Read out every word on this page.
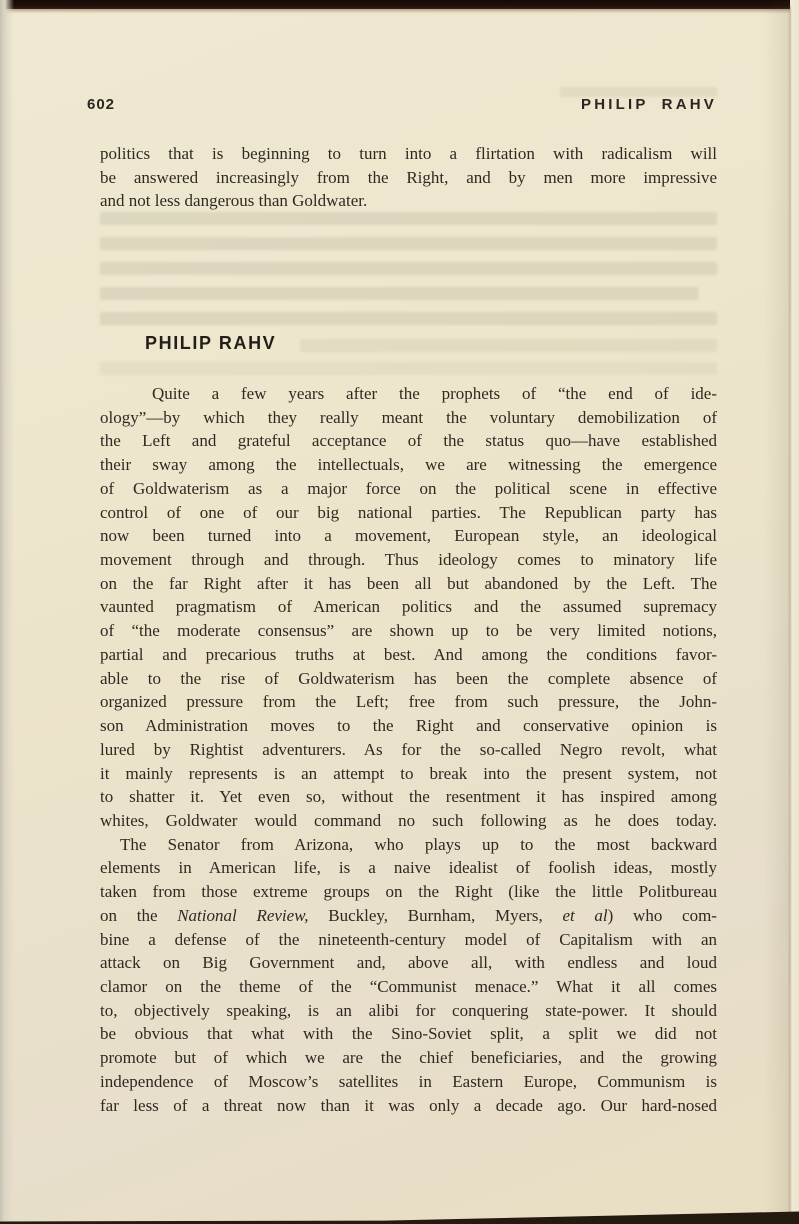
602	PHILIP RAHV
politics that is beginning to turn into a flirtation with radicalism will
be answered increasingly from the Right, and by men more impressive
and not less dangerous than Goldwater.
PHILIP RAHV
Quite a few years after the prophets of “the end of ide-
ology”—by which they really meant the voluntary demobilization of
the Left and grateful acceptance of the status quo—have established
their sway among the intellectuals, we are witnessing the emergence
of Goldwaterism as a major force on the political scene in effective
control of one of our big national parties. The Republican party has
now been turned into a movement, European style, an ideological
movement through and through. Thus ideology comes to minatory life
on the far Right after it has been all but abandoned by the Left. The
vaunted pragmatism of American politics and the assumed supremacy
of “the moderate consensus” are shown up to be very limited notions,
partial and precarious truths at best. And among the conditions favor-
able to the rise of Goldwaterism has been the complete absence of
organized pressure from the Left; free from such pressure, the John-
son Administration moves to the Right and conservative opinion is
lured by Rightist adventurers. As for the so-called Negro revolt, what
it mainly represents is an attempt to break into the present system, not
to shatter it. Yet even so, without the resentment it has inspired among
whites, Goldwater would command no such following as he does today.
The Senator from Arizona, who plays up to the most backward
elements in American life, is a naive idealist of foolish ideas, mostly
taken from those extreme groups on the Right (like the little Politbureau
on the National Review, Buckley, Burnham, Myers, et al) who com-
bine a defense of the nineteenth-century model of Capitalism with an
attack on Big Government and, above all, with endless and loud
clamor on the theme of the “Communist menace.” What it all comes
to, objectively speaking, is an alibi for conquering state-power. It should
be obvious that what with the Sino-Soviet split, a split we did not
promote but of which we are the chief beneficiaries, and the growing
independence of Moscow’s satellites in Eastern Europe, Communism is
far less of a threat now than it was only a decade ago. Our hard-nosed
